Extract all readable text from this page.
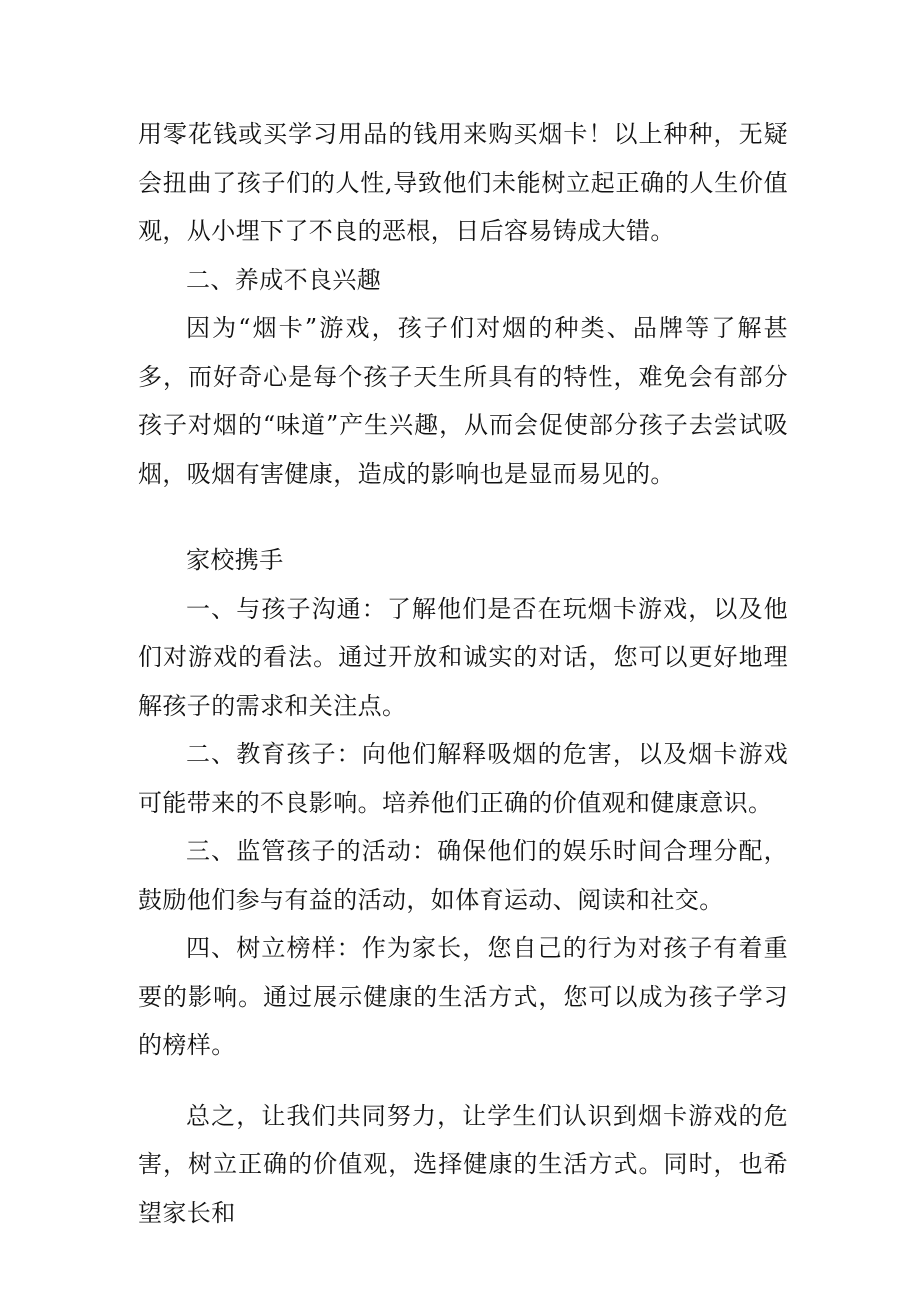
用零花钱或买学习用品的钱用来购买烟卡！以上种种，无疑会扭曲了孩子们的人性,导致他们未能树立起正确的人生价值观，从小埋下了不良的恶根，日后容易铸成大错。

二、养成不良兴趣

因为“烟卡”游戏，孩子们对烟的种类、品牌等了解甚多，而好奇心是每个孩子天生所具有的特性，难免会有部分孩子对烟的“味道”产生兴趣，从而会促使部分孩子去尝试吸烟，吸烟有害健康，造成的影响也是显而易见的。

家校携手

一、与孩子沟通：了解他们是否在玩烟卡游戏，以及他们对游戏的看法。通过开放和诚实的对话，您可以更好地理解孩子的需求和关注点。

二、教育孩子：向他们解释吸烟的危害，以及烟卡游戏可能带来的不良影响。培养他们正确的价值观和健康意识。

三、监管孩子的活动：确保他们的娱乐时间合理分配，鼓励他们参与有益的活动，如体育运动、阅读和社交。

四、树立榜样：作为家长，您自己的行为对孩子有着重要的影响。通过展示健康的生活方式，您可以成为孩子学习的榜样。

总之，让我们共同努力，让学生们认识到烟卡游戏的危害，树立正确的价值观，选择健康的生活方式。同时，也希望家长和
